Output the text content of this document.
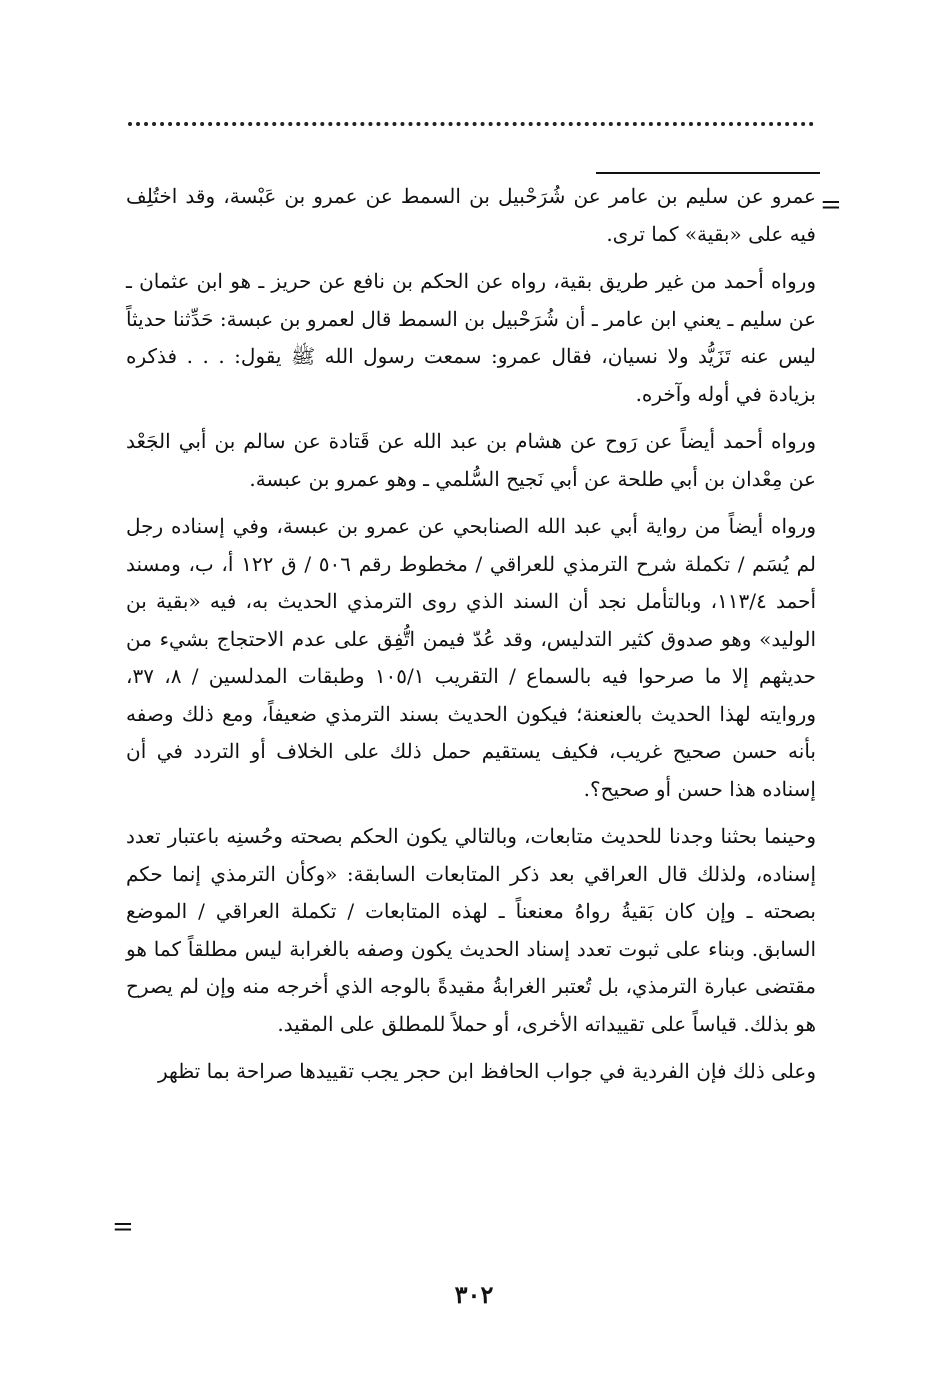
=

عمرو عن سليم بن عامر عن شُرَحْبيل بن السمط عن عمرو بن عَبْسة، وقد اختُلِف فيه على «بقية» كما ترى.

ورواه أحمد من غير طريق بقية، رواه عن الحكم بن نافع عن حريز ـ هو ابن عثمان ـ عن سليم ـ يعني ابن عامر ـ أن شُرَحْبيل بن السمط قال لعمرو بن عبسة: حَدِّثنا حديثاً ليس عنه تَزَيُّد ولا نسيان، فقال عمرو: سمعت رسول الله ﷺ يقول: . . . فذكره بزيادة في أوله وآخره.

ورواه أحمد أيضاً عن رَوح عن هشام بن عبد الله عن قَتادة عن سالم بن أبي الجَعْد عن مِعْدان بن أبي طلحة عن أبي نَجيح السُّلمي ـ وهو عمرو بن عبسة.

ورواه أيضاً من رواية أبي عبد الله الصنابحي عن عمرو بن عبسة، وفي إسناده رجل لم يُسَم / تكملة شرح الترمذي للعراقي / مخطوط رقم ٥٠٦ / ق ١٢٢ أ، ب، ومسند أحمد ١١٣/٤، وبالتأمل نجد أن السند الذي روى الترمذي الحديث به، فيه «بقية بن الوليد» وهو صدوق كثير التدليس، وقد عُدّ فيمن اتُّفِق على عدم الاحتجاج بشيء من حديثهم إلا ما صرحوا فيه بالسماع / التقريب ١٠٥/١ وطبقات المدلسين / ٨، ٣٧، وروايته لهذا الحديث بالعنعنة؛ فيكون الحديث بسند الترمذي ضعيفاً، ومع ذلك وصفه بأنه حسن صحيح غريب، فكيف يستقيم حمل ذلك على الخلاف أو التردد في أن إسناده هذا حسن أو صحيح؟.

وحينما بحثنا وجدنا للحديث متابعات، وبالتالي يكون الحكم بصحته وحُسنِه باعتبار تعدد إسناده، ولذلك قال العراقي بعد ذكر المتابعات السابقة: «وكأن الترمذي إنما حكم بصحته ـ وإن كان بَقيةُ رواهُ معنعناً ـ لهذه المتابعات / تكملة العراقي / الموضع السابق. وبناء على ثبوت تعدد إسناد الحديث يكون وصفه بالغرابة ليس مطلقاً كما هو مقتضى عبارة الترمذي، بل تُعتبر الغرابةُ مقيدةً بالوجه الذي أخرجه منه وإن لم يصرح هو بذلك. قياساً على تقييداته الأخرى، أو حملاً للمطلق على المقيد.

وعلى ذلك فإن الفردية في جواب الحافظ ابن حجر يجب تقييدها صراحة بما تظهر

=
٣٠٢
